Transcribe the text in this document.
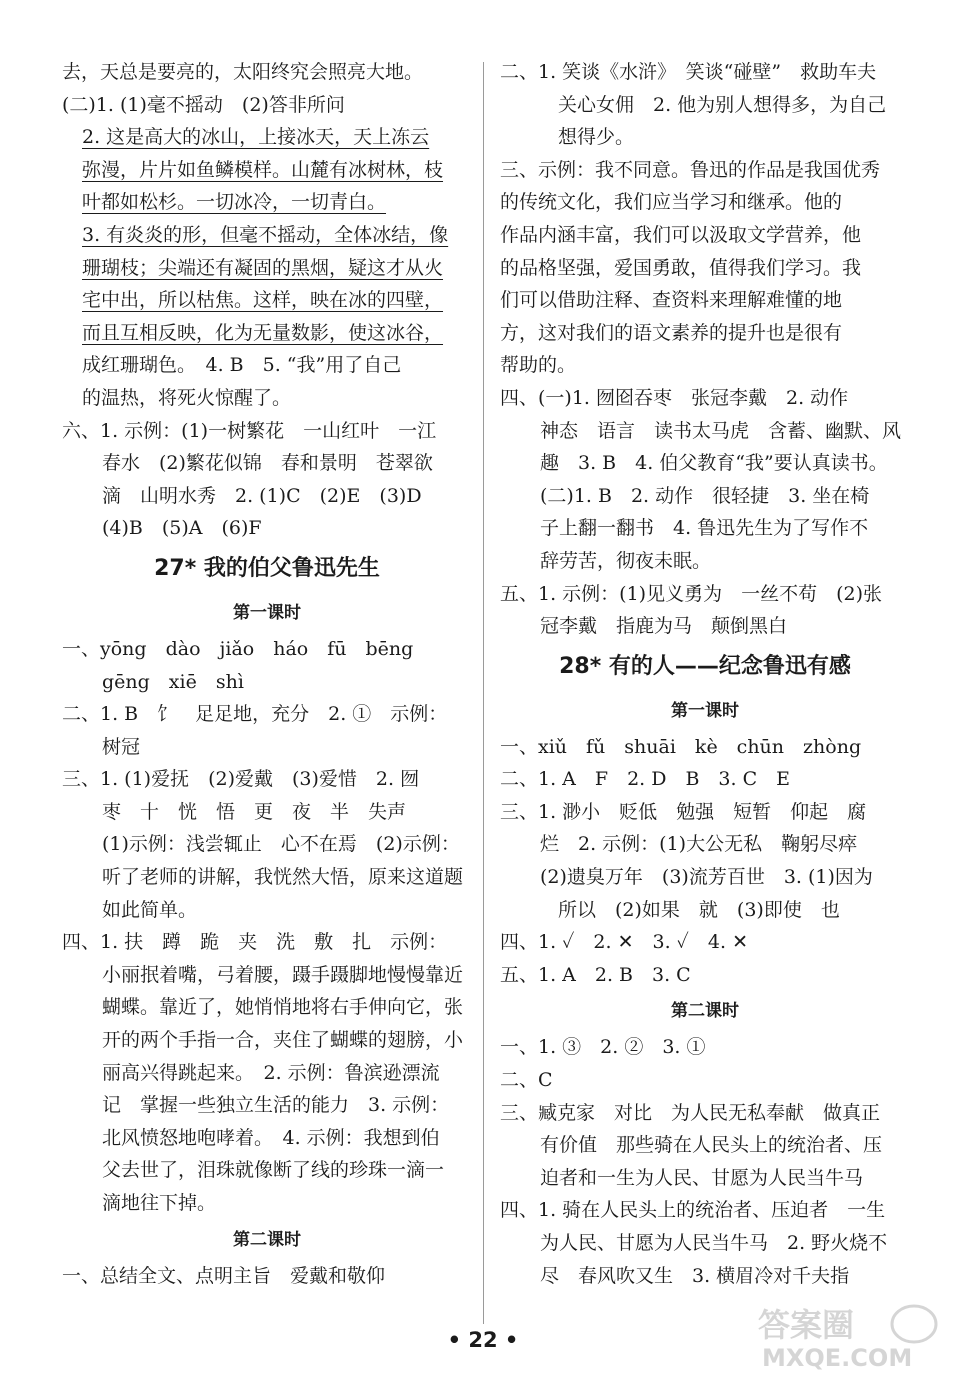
去，天总是要亮的，太阳终究会照亮大地。
(二)1. (1)毫不摇动　(2)答非所问
2. 这是高大的冰山，上接冰天，天上冻云
弥漫，片片如鱼鳞模样。山麓有冰树林，枝
叶都如松杉。一切冰冷，一切青白。
3. 有炎炎的形，但毫不摇动，全体冰结，像
珊瑚枝；尖端还有凝固的黑烟，疑这才从火
宅中出，所以枯焦。这样，映在冰的四壁，
而且互相反映，化为无量数影，使这冰谷，
成红珊瑚色。　4. B　5. “我”用了自己
的温热，将死火惊醒了。
六、1. 示例：(1)一树繁花　一山红叶　一江
春水　(2)繁花似锦　春和景明　苍翠欲
滴　山明水秀　2. (1)C　(2)E　(3)D
(4)B　(5)A　(6)F
27* 我的伯父鲁迅先生
第一课时
一、yōng　dào　jiǎo　háo　fū　bēng
gēng　xiē　shì
二、1. B　饣　足足地，充分　2. ①　示例：
树冠
三、1. (1)爱抚　(2)爱戴　(3)爱惜　2. 囫
枣　十　恍　悟　更　夜　半　失声
(1)示例：浅尝辄止　心不在焉　(2)示例：
听了老师的讲解，我恍然大悟，原来这道题
如此简单。
四、1. 扶　蹲　跪　夹　洗　敷　扎　示例：
小丽抿着嘴，弓着腰，蹑手蹑脚地慢慢靠近
蝴蝶。靠近了，她悄悄地将右手伸向它，张
开的两个手指一合，夹住了蝴蝶的翅膀，小
丽高兴得跳起来。　2. 示例：鲁滨逊漂流
记　掌握一些独立生活的能力　3. 示例：
北风愤怒地咆哮着。　4. 示例：我想到伯
父去世了，泪珠就像断了线的珍珠一滴一
滴地往下掉。
第二课时
一、总结全文、点明主旨　爱戴和敬仰
二、1. 笑谈《水浒》　笑谈“碰壁”　救助车夫
关心女佣　2. 他为别人想得多，为自己
想得少。
三、示例：我不同意。鲁迅的作品是我国优秀
的传统文化，我们应当学习和继承。他的
作品内涵丰富，我们可以汲取文学营养，他
的品格坚强，爱国勇敢，值得我们学习。我
们可以借助注释、查资料来理解难懂的地
方，这对我们的语文素养的提升也是很有
帮助的。
四、(一)1. 囫囵吞枣　张冠李戴　2. 动作
神态　语言　读书太马虎　含蓄、幽默、风
趣　3. B　4. 伯父教育“我”要认真读书。
(二)1. B　2. 动作　很轻捷　3. 坐在椅
子上翻一翻书　4. 鲁迅先生为了写作不
辞劳苦，彻夜未眠。
五、1. 示例：(1)见义勇为　一丝不苟　(2)张
冠李戴　指鹿为马　颠倒黑白
28* 有的人——纪念鲁迅有感
第一课时
一、xiǔ　fǔ　shuāi　kè　chūn　zhòng
二、1. A　F　2. D　B　3. C　E
三、1. 渺小　贬低　勉强　短暂　仰起　腐
烂　2. 示例：(1)大公无私　鞠躬尽瘁
(2)遗臭万年　(3)流芳百世　3. (1)因为
所以　(2)如果　就　(3)即使　也
四、1. ✓　2. ✕　3. ✓　4. ✕
五、1. A　2. B　3. C
第二课时
一、1. ③　2. ②　3. ①
二、C
三、臧克家　对比　为人民无私奉献　做真正
有价值　那些骑在人民头上的统治者、压
迫者和一生为人民、甘愿为人民当牛马
四、1. 骑在人民头上的统治者、压迫者　一生
为人民、甘愿为人民当牛马　2. 野火烧不
尽　春风吹又生　3. 横眉冷对千夫指
• 22 •	答案圈
MXQE.COM
